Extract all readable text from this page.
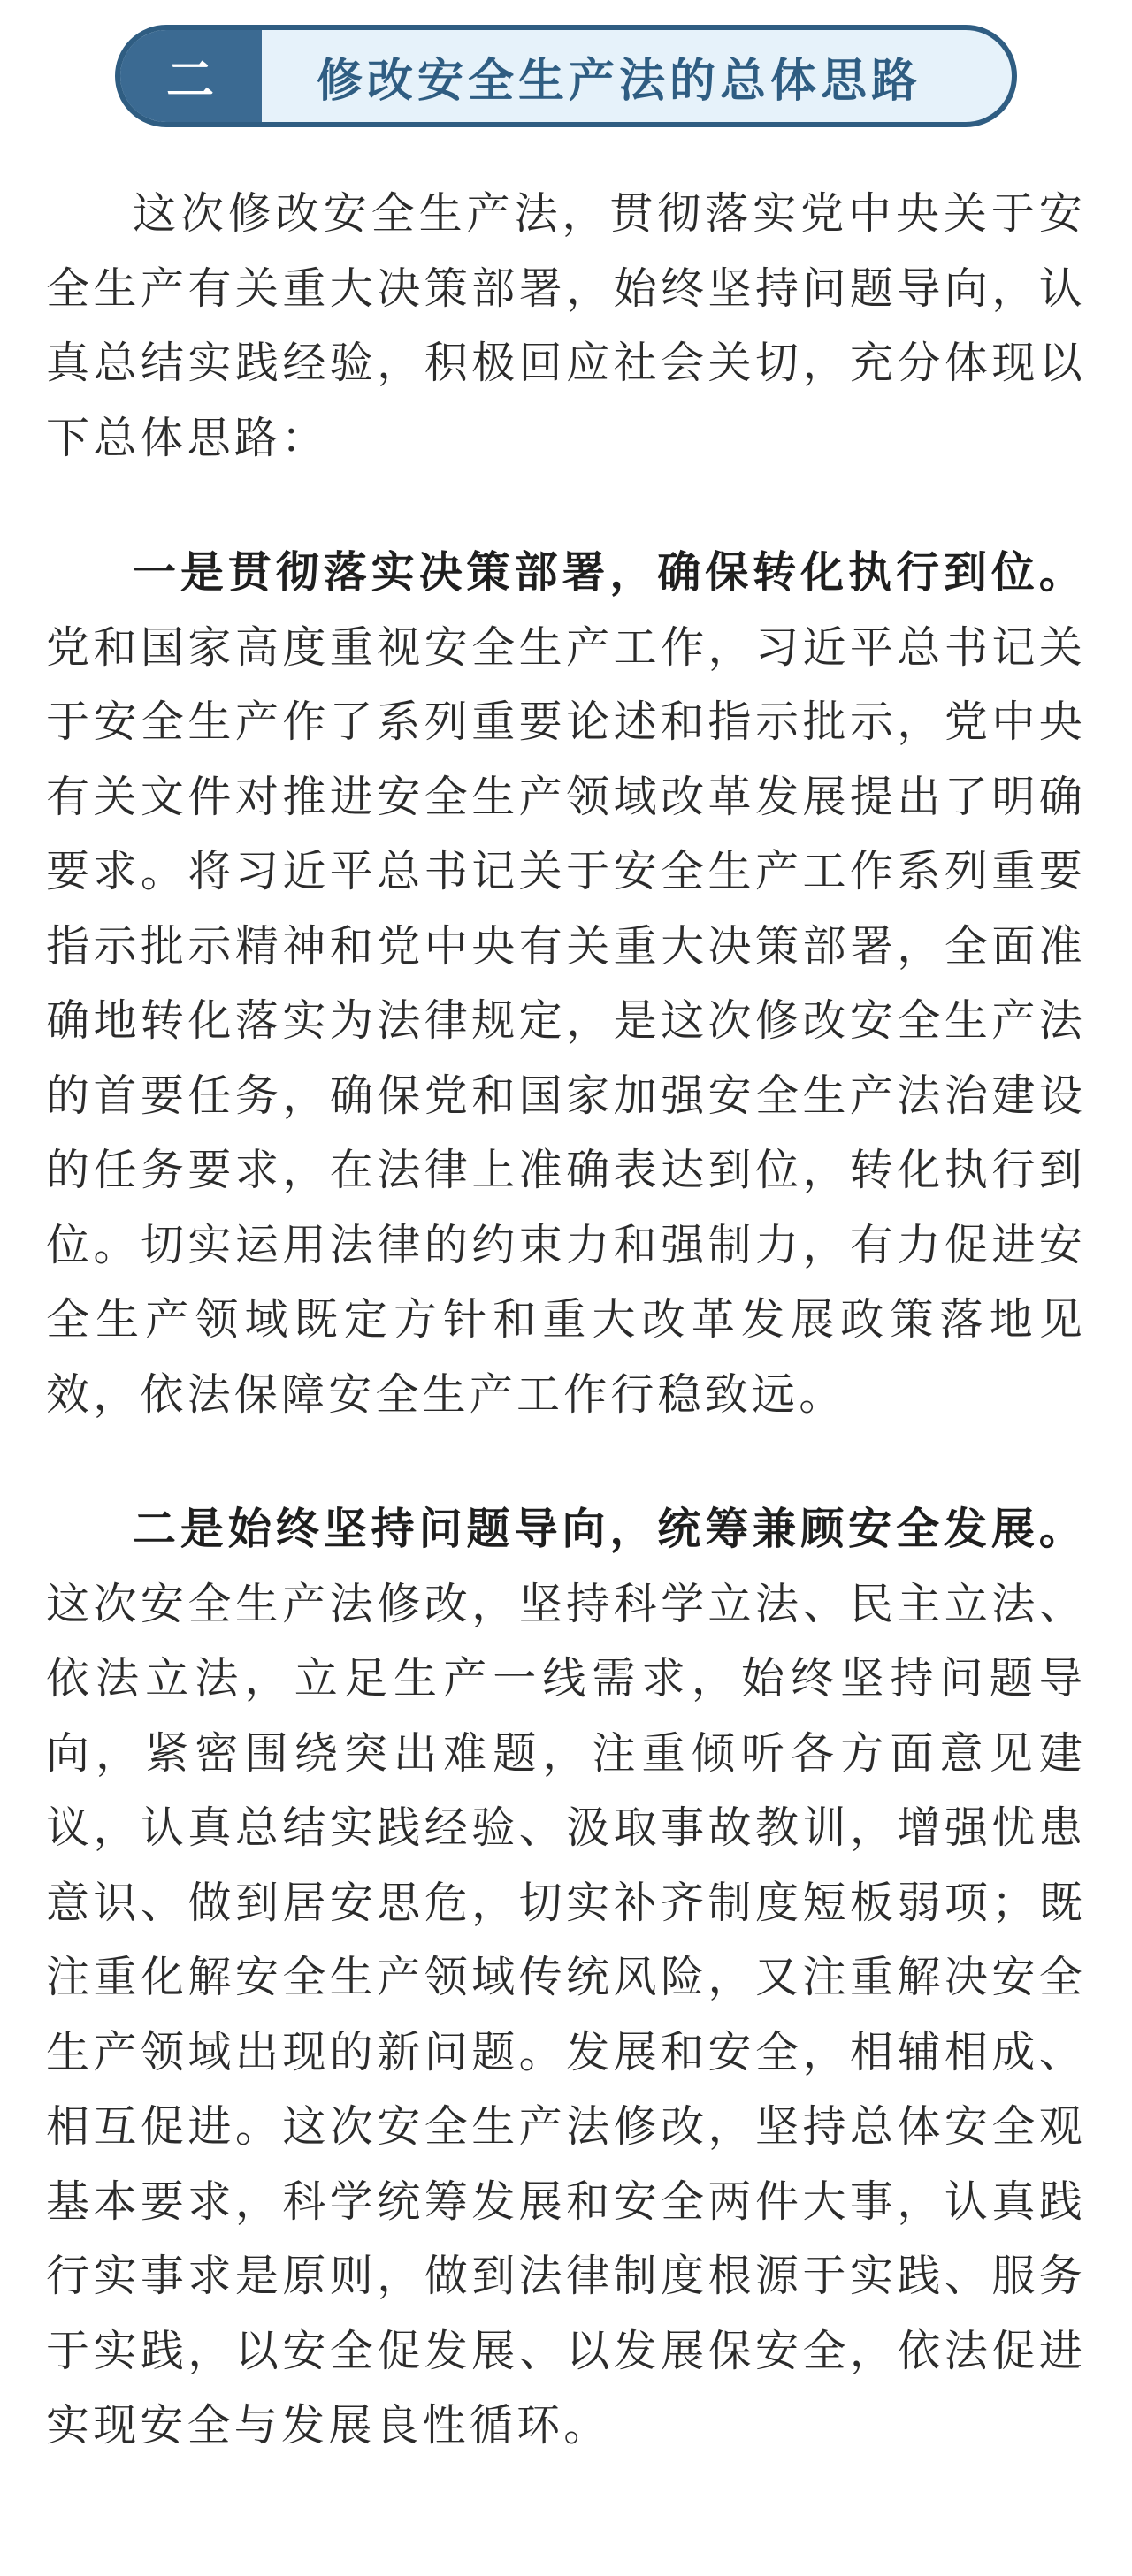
二	修改安全生产法的总体思路

这次修改安全生产法，贯彻落实党中央关于安全生产有关重大决策部署，始终坚持问题导向，认真总结实践经验，积极回应社会关切，充分体现以下总体思路：

一是贯彻落实决策部署，确保转化执行到位。党和国家高度重视安全生产工作，习近平总书记关于安全生产作了系列重要论述和指示批示，党中央有关文件对推进安全生产领域改革发展提出了明确要求。将习近平总书记关于安全生产工作系列重要指示批示精神和党中央有关重大决策部署，全面准确地转化落实为法律规定，是这次修改安全生产法的首要任务，确保党和国家加强安全生产法治建设的任务要求，在法律上准确表达到位，转化执行到位。切实运用法律的约束力和强制力，有力促进安全生产领域既定方针和重大改革发展政策落地见效，依法保障安全生产工作行稳致远。

二是始终坚持问题导向，统筹兼顾安全发展。这次安全生产法修改，坚持科学立法、民主立法、依法立法，立足生产一线需求，始终坚持问题导向，紧密围绕突出难题，注重倾听各方面意见建议，认真总结实践经验、汲取事故教训，增强忧患意识、做到居安思危，切实补齐制度短板弱项；既注重化解安全生产领域传统风险，又注重解决安全生产领域出现的新问题。发展和安全，相辅相成、相互促进。这次安全生产法修改，坚持总体安全观基本要求，科学统筹发展和安全两件大事，认真践行实事求是原则，做到法律制度根源于实践、服务于实践，以安全促发展、以发展保安全，依法促进实现安全与发展良性循环。
